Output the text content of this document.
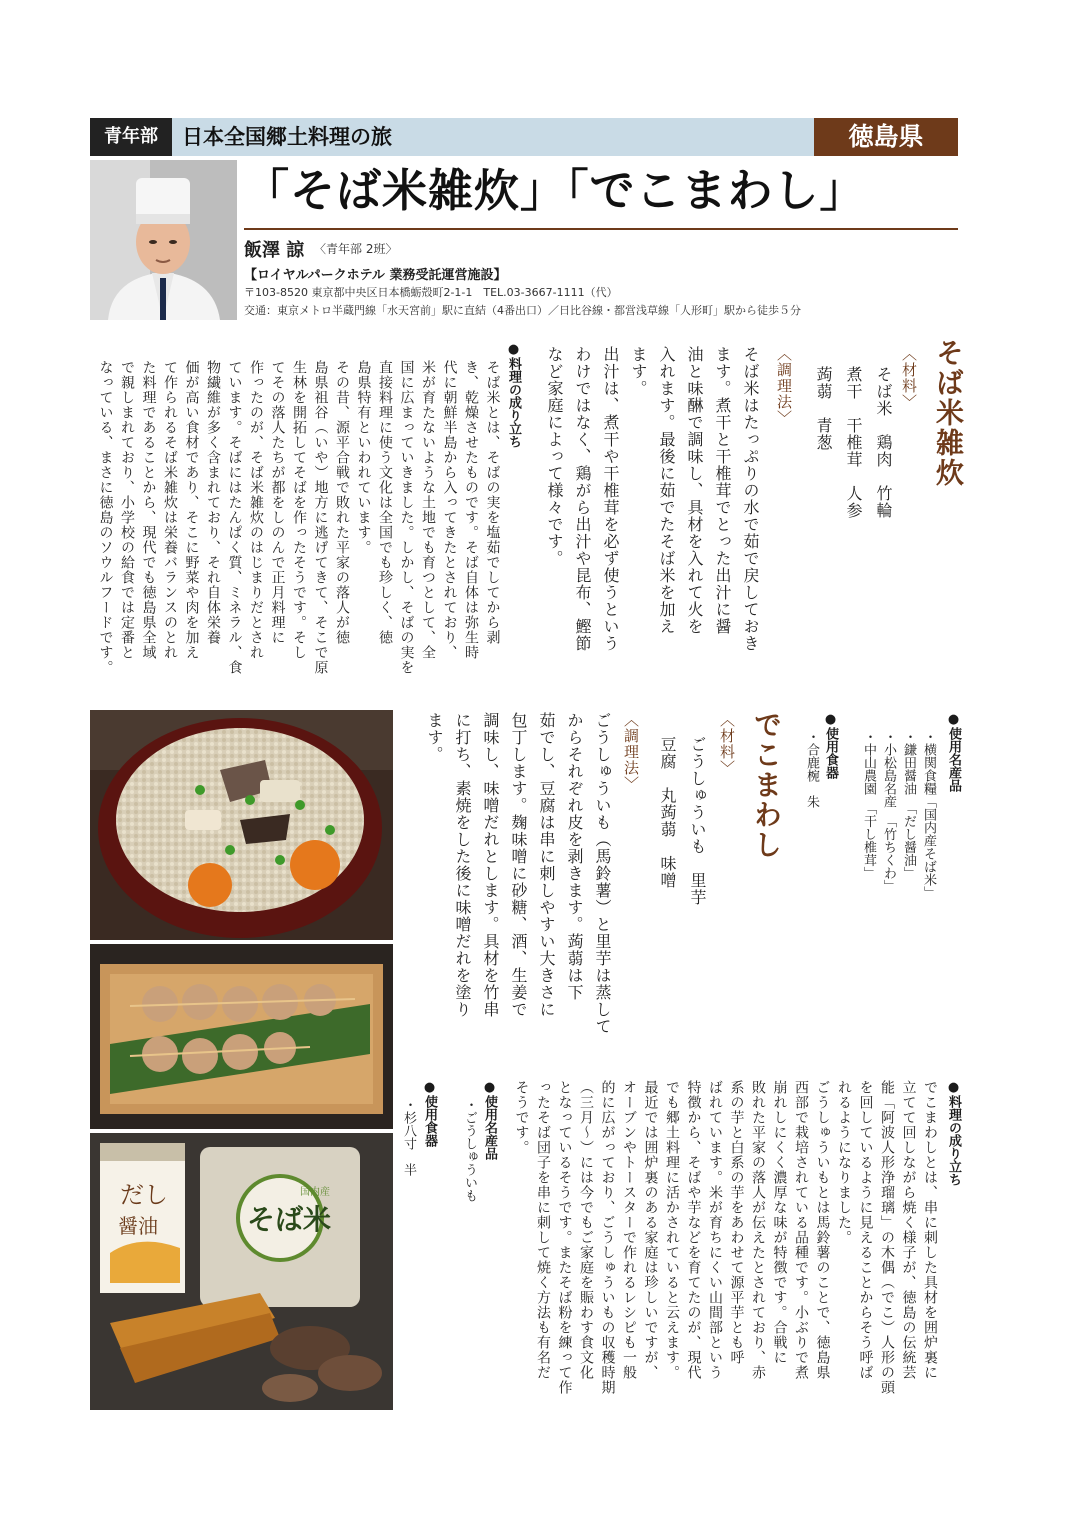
青年部	日本全国郷土料理の旅	徳島県
「そば米雑炊」「でこまわし」
飯澤 諒 〈青年部 2班〉
【ロイヤルパークホテル 業務受託運営施設】
〒103-8520 東京都中央区日本橋蛎殻町2-1-1　TEL.03-3667-1111（代）
交通：東京メトロ半蔵門線「水天宮前」駅に直結（4番出口）／日比谷線・都営浅草線「人形町」駅から徒歩５分
そば米雑炊
〈材料〉
そば米　鶏肉　竹輪
煮干　干椎茸　人参
蒟蒻　青葱
〈調理法〉
そば米はたっぷりの水で茹で戻しておき
ます。煮干と干椎茸でとった出汁に醤
油と味醂で調味し、具材を入れて火を
入れます。最後に茹でたそば米を加え
ます。
出汁は、煮干や干椎茸を必ず使うという
わけではなく、鶏がら出汁や昆布、鰹節
など家庭によって様々です。
●料理の成り立ち
そば米とは、そばの実を塩茹でしてから剥
き、乾燥させたものです。そば自体は弥生時
代に朝鮮半島から入ってきたとされており、
米が育たないような土地でも育つとして、全
国に広まっていきました。しかし、そばの実を
直接料理に使う文化は全国でも珍しく、徳
島県特有といわれています。
その昔、源平合戦で敗れた平家の落人が徳
島県祖谷（いや）地方に逃げてきて、そこで原
生林を開拓してそばを作ったそうです。そし
てその落人たちが都をしのんで正月料理に
作ったのが、そば米雑炊のはじまりだとされ
ています。そばにはたんぱく質、ミネラル、食
物繊維が多く含まれており、それ自体栄養
価が高い食材であり、そこに野菜や肉を加え
て作られるそば米雑炊は栄養バランスのとれ
た料理であることから、現代でも徳島県全域
で親しまれており、小学校の給食では定番と
なっている、まさに徳島のソウルフードです。
●使用名産品
・横関食糧「国内産そば米」
・鎌田醤油　「だし醤油」
・小松島名産　「竹ちくわ」
・中山農園　「干し椎茸」
●使用食器
・合鹿椀　朱
でこまわし
〈材料〉
ごうしゅういも　里芋
豆腐　丸蒟蒻　味噌
〈調理法〉
ごうしゅういも（馬鈴薯）と里芋は蒸して
からそれぞれ皮を剥きます。蒟蒻は下
茹でし、豆腐は串に刺しやすい大きさに
包丁します。麹味噌に砂糖、酒、生姜で
調味し、味噌だれとします。具材を竹串
に打ち、素焼をした後に味噌だれを塗り
ます。
●料理の成り立ち
でこまわしとは、串に刺した具材を囲炉裏に
立てて回しながら焼く様子が、徳島の伝統芸
能「阿波人形浄瑠璃」の木偶（でこ）人形の頭
を回しているように見えることからそう呼ば
れるようになりました。
ごうしゅういもとは馬鈴薯のことで、徳島県
西部で栽培されている品種です。小ぶりで煮
崩れしにくく濃厚な味が特徴です。合戦に
敗れた平家の落人が伝えたとされており、赤
系の芋と白系の芋をあわせて源平芋とも呼
ばれています。米が育ちにくい山間部という
特徴から、そばや芋などを育てたのが、現代
でも郷土料理に活かされていると云えます。
最近では囲炉裏のある家庭は珍しいですが、
オーブンやトースターで作れるレシピも一般
的に広がっており、ごうしゅういもの収穫時期
（三月〜）には今でもご家庭を賑わす食文化
となっているそうです。またそば粉を練って作
ったそば団子を串に刺して焼く方法も有名だ
そうです。
●使用名産品
・ごうしゅういも
●使用食器
・杉八寸　半
だし
醤油	そば米
国内産
